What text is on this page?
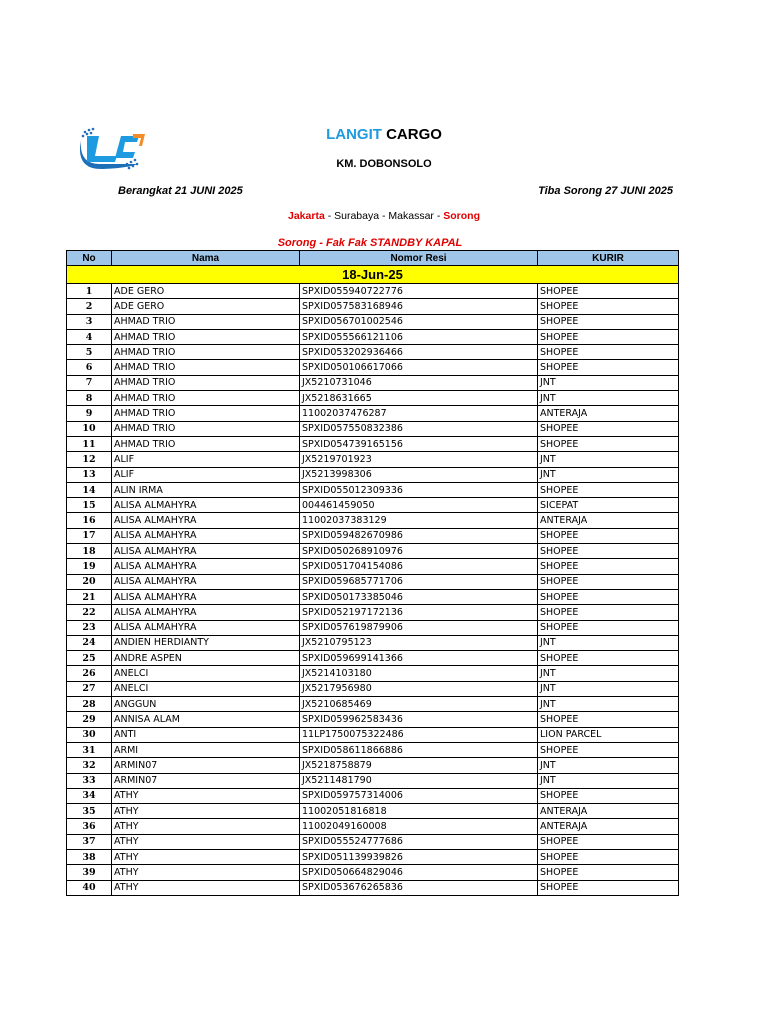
LANGIT CARGO
KM. DOBONSOLO
Berangkat 21 JUNI 2025	Tiba Sorong 27 JUNI 2025
Jakarta - Surabaya - Makassar - Sorong
Sorong - Fak Fak STANDBY KAPAL
No	Nama	Nomor Resi	KURIR
18-Jun-25			
1	ADE GERO	SPXID055940722776	SHOPEE
2	ADE GERO	SPXID057583168946	SHOPEE
3	AHMAD TRIO	SPXID056701002546	SHOPEE
4	AHMAD TRIO	SPXID055566121106	SHOPEE
5	AHMAD TRIO	SPXID053202936466	SHOPEE
6	AHMAD TRIO	SPXID050106617066	SHOPEE
7	AHMAD TRIO	JX5210731046	JNT
8	AHMAD TRIO	JX5218631665	JNT
9	AHMAD TRIO	11002037476287	ANTERAJA
10	AHMAD TRIO	SPXID057550832386	SHOPEE
11	AHMAD TRIO	SPXID054739165156	SHOPEE
12	ALIF	JX5219701923	JNT
13	ALIF	JX5213998306	JNT
14	ALIN IRMA	SPXID055012309336	SHOPEE
15	ALISA ALMAHYRA	004461459050	SICEPAT
16	ALISA ALMAHYRA	11002037383129	ANTERAJA
17	ALISA ALMAHYRA	SPXID059482670986	SHOPEE
18	ALISA ALMAHYRA	SPXID050268910976	SHOPEE
19	ALISA ALMAHYRA	SPXID051704154086	SHOPEE
20	ALISA ALMAHYRA	SPXID059685771706	SHOPEE
21	ALISA ALMAHYRA	SPXID050173385046	SHOPEE
22	ALISA ALMAHYRA	SPXID052197172136	SHOPEE
23	ALISA ALMAHYRA	SPXID057619879906	SHOPEE
24	ANDIEN HERDIANTY	JX5210795123	JNT
25	ANDRE ASPEN	SPXID059699141366	SHOPEE
26	ANELCI	JX5214103180	JNT
27	ANELCI	JX5217956980	JNT
28	ANGGUN	JX5210685469	JNT
29	ANNISA ALAM	SPXID059962583436	SHOPEE
30	ANTI	11LP1750075322486	LION PARCEL
31	ARMI	SPXID058611866886	SHOPEE
32	ARMIN07	JX5218758879	JNT
33	ARMIN07	JX5211481790	JNT
34	ATHY	SPXID059757314006	SHOPEE
35	ATHY	11002051816818	ANTERAJA
36	ATHY	11002049160008	ANTERAJA
37	ATHY	SPXID055524777686	SHOPEE
38	ATHY	SPXID051139939826	SHOPEE
39	ATHY	SPXID050664829046	SHOPEE
40	ATHY	SPXID053676265836	SHOPEE
